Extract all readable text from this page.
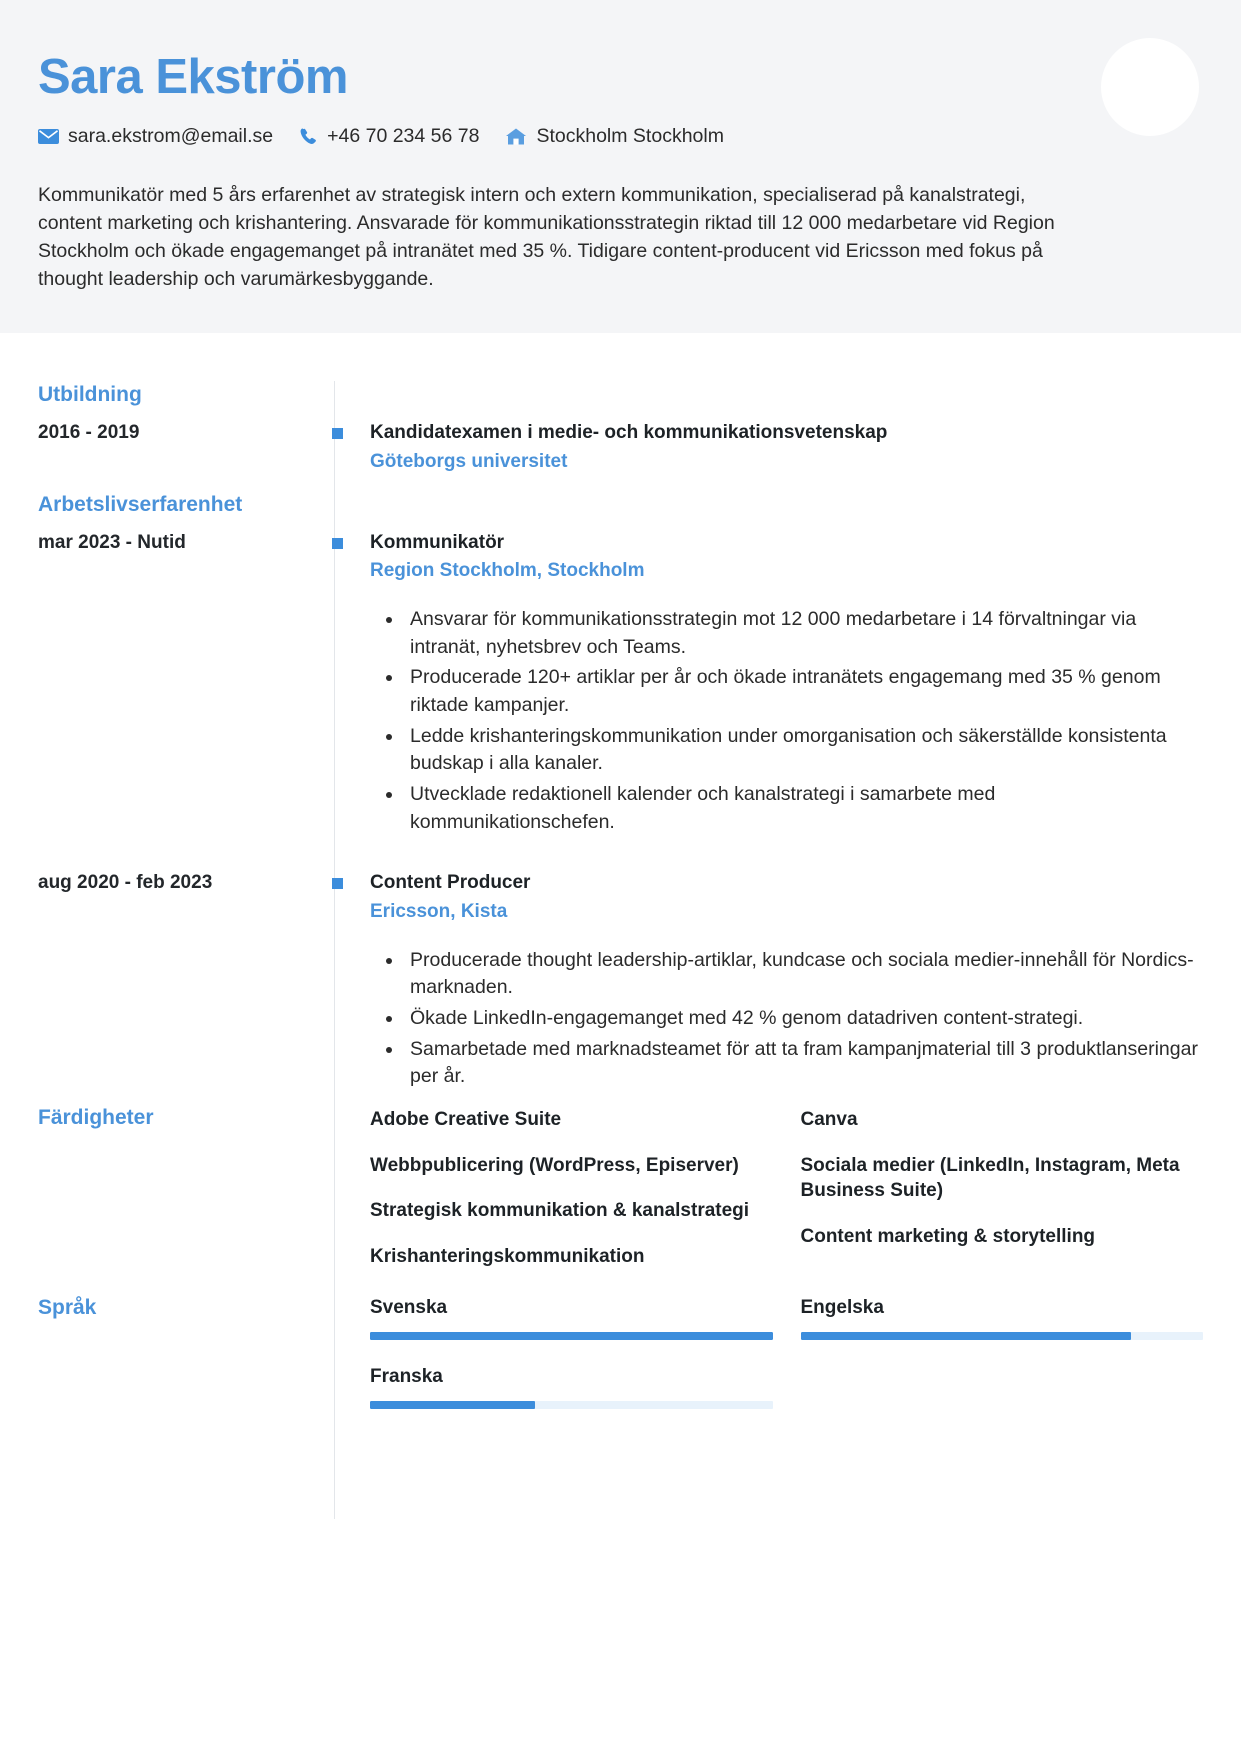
Sara Ekström
sara.ekstrom@email.se	+46 70 234 56 78	Stockholm Stockholm
Kommunikatör med 5 års erfarenhet av strategisk intern och extern kommunikation, specialiserad på kanalstrategi, content marketing och krishantering. Ansvarade för kommunikationsstrategin riktad till 12 000 medarbetare vid Region Stockholm och ökade engagemanget på intranätet med 35 %. Tidigare content-producent vid Ericsson med fokus på thought leadership och varumärkesbyggande.
Utbildning
2016 - 2019	Kandidatexamen i medie- och kommunikationsvetenskap
Göteborgs universitet
Arbetslivserfarenhet
mar 2023 - Nutid	Kommunikatör
Region Stockholm, Stockholm
• Ansvarar för kommunikationsstrategin mot 12 000 medarbetare i 14 förvaltningar via intranät, nyhetsbrev och Teams.
• Producerade 120+ artiklar per år och ökade intranätets engagemang med 35 % genom riktade kampanjer.
• Ledde krishanteringskommunikation under omorganisation och säkerställde konsistenta budskap i alla kanaler.
• Utvecklade redaktionell kalender och kanalstrategi i samarbete med kommunikationschefen.
aug 2020 - feb 2023	Content Producer
Ericsson, Kista
• Producerade thought leadership-artiklar, kundcase och sociala medier-innehåll för Nordics-marknaden.
• Ökade LinkedIn-engagemanget med 42 % genom datadriven content-strategi.
• Samarbetade med marknadsteamet för att ta fram kampanjmaterial till 3 produktlanseringar per år.
Färdigheter	Adobe Creative Suite
Webbpublicering (WordPress, Episerver)
Strategisk kommunikation & kanalstrategi
Krishanteringskommunikation
Canva
Sociala medier (LinkedIn, Instagram, Meta Business Suite)
Content marketing & storytelling
Språk	Svenska	Engelska
Franska
